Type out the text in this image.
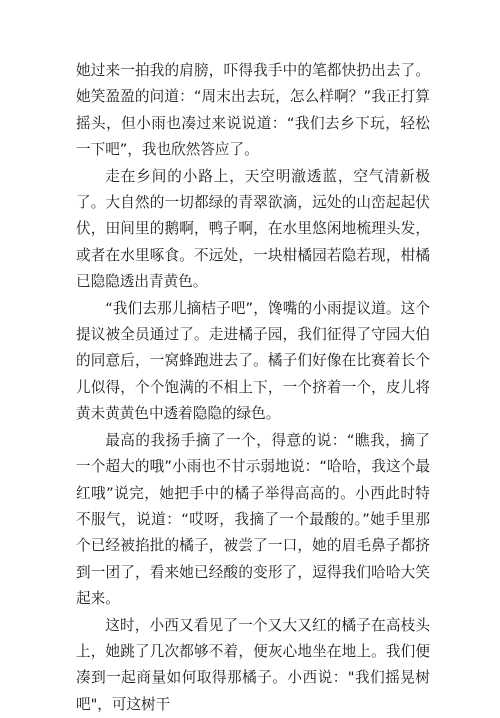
她过来一拍我的肩膀，吓得我手中的笔都快扔出去了。她笑盈盈的问道：“周末出去玩，怎么样啊？”我正打算摇头，但小雨也凑过来说说道：“我们去乡下玩，轻松一下吧”，我也欣然答应了。

走在乡间的小路上，天空明澈透蓝，空气清新极了。大自然的一切都绿的青翠欲滴，远处的山峦起起伏伏，田间里的鹅啊，鸭子啊，在水里悠闲地梳理头发，或者在水里啄食。不远处，一块柑橘园若隐若现，柑橘已隐隐透出青黄色。

“我们去那儿摘桔子吧”，馋嘴的小雨提议道。这个提议被全员通过了。走进橘子园，我们征得了守园大伯的同意后，一窝蜂跑进去了。橘子们好像在比赛着长个儿似得，个个饱满的不相上下，一个挤着一个，皮儿将黄未黄黄色中透着隐隐的绿色。

最高的我扬手摘了一个，得意的说：“瞧我，摘了一个超大的哦”小雨也不甘示弱地说：“哈哈，我这个最红哦”说完，她把手中的橘子举得高高的。小西此时特不服气，说道：“哎呀，我摘了一个最酸的。”她手里那个已经被掐批的橘子，被尝了一口，她的眉毛鼻子都挤到一团了，看来她已经酸的变形了，逗得我们哈哈大笑起来。

这时，小西又看见了一个又大又红的橘子在高枝头上，她跳了几次都够不着，便灰心地坐在地上。我们便凑到一起商量如何取得那橘子。小西说："我们摇晃树吧"，可这树干
